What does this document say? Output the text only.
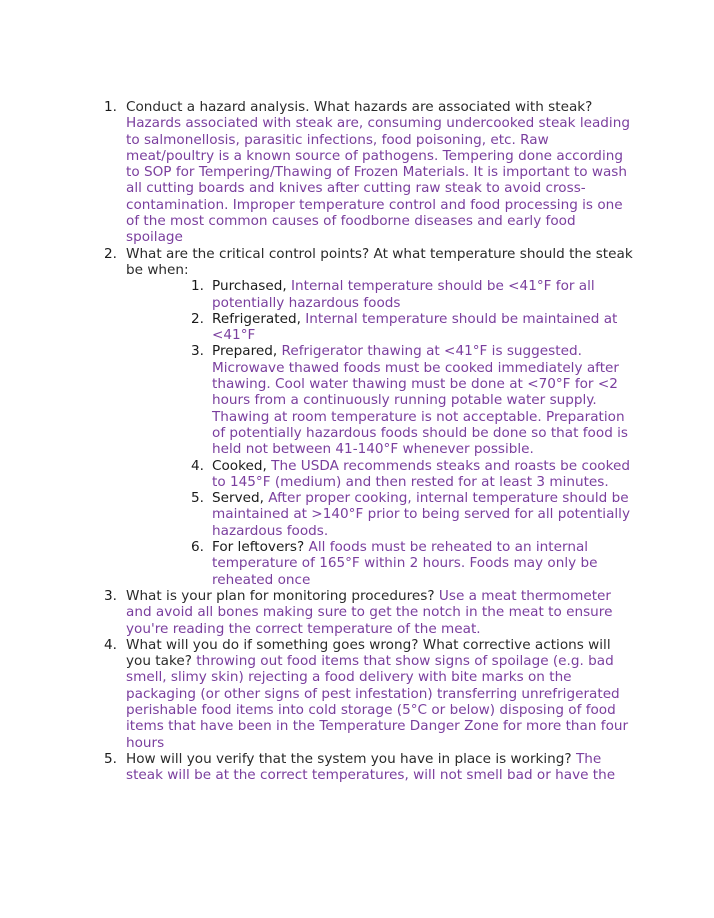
1. Conduct a hazard analysis. What hazards are associated with steak? Hazards associated with steak are, consuming undercooked steak leading to salmonellosis, parasitic infections, food poisoning, etc. Raw meat/poultry is a known source of pathogens. Tempering done according to SOP for Tempering/Thawing of Frozen Materials. It is important to wash all cutting boards and knives after cutting raw steak to avoid cross-contamination. Improper temperature control and food processing is one of the most common causes of foodborne diseases and early food spoilage
2. What are the critical control points? At what temperature should the steak be when:
1. Purchased, Internal temperature should be <41°F for all potentially hazardous foods
2. Refrigerated, Internal temperature should be maintained at <41°F
3. Prepared, Refrigerator thawing at <41°F is suggested. Microwave thawed foods must be cooked immediately after thawing. Cool water thawing must be done at <70°F for <2 hours from a continuously running potable water supply. Thawing at room temperature is not acceptable. Preparation of potentially hazardous foods should be done so that food is held not between 41-140°F whenever possible.
4. Cooked, The USDA recommends steaks and roasts be cooked to 145°F (medium) and then rested for at least 3 minutes.
5. Served, After proper cooking, internal temperature should be maintained at >140°F prior to being served for all potentially hazardous foods.
6. For leftovers? All foods must be reheated to an internal temperature of 165°F within 2 hours. Foods may only be reheated once
3. What is your plan for monitoring procedures? Use a meat thermometer and avoid all bones making sure to get the notch in the meat to ensure you're reading the correct temperature of the meat.
4. What will you do if something goes wrong? What corrective actions will you take? throwing out food items that show signs of spoilage (e.g. bad smell, slimy skin) rejecting a food delivery with bite marks on the packaging (or other signs of pest infestation) transferring unrefrigerated perishable food items into cold storage (5°C or below) disposing of food items that have been in the Temperature Danger Zone for more than four hours
5. How will you verify that the system you have in place is working? The steak will be at the correct temperatures, will not smell bad or have the
